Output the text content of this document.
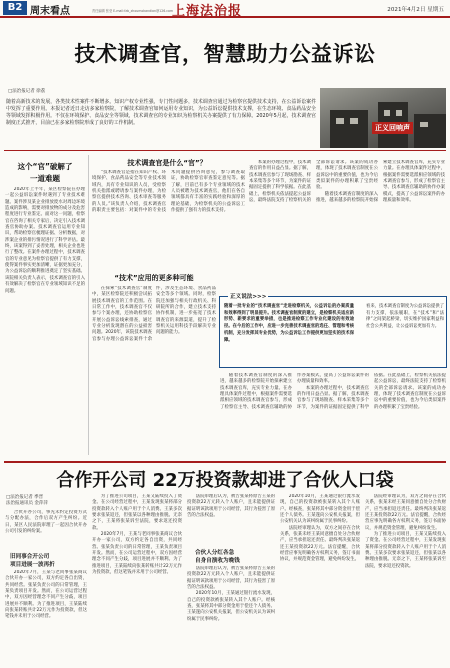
B2 周末看点	责任编辑 张莹 E-mail:fzb_zhoumokandian@126.com
上海法治报	2021年4月2日 星期五
技术调查官，智慧助力公益诉讼
□法治报记者 徐荔
随着高新技术的发展，各类技术性案件不断增多。知识产权专业性强，专门性问题多，技术调查官通过为检察官提供技术支持，在公益诉讼案件中发挥了重要作用。本报记者近日走访多家检察院，了解技术调查官如何运用专业知识，为公益诉讼提供技术支撑，在生态环境、食品药品安全等领域发挥积极作用。不仅在环境保护、食品安全等领域，技术调查官的专业知识为检察机关办案提供了有力保障。2020年5月起，技术调查官制度正式推开，目前已在多家检察院形成了良好的工作机制。
正义回响声
这个“官”破解了
一道难题

2020年上半年，某区检察院在办理一起公益诉讼案件时遇到了专业技术难题。案件涉及某企业排放废水对周边环境造成的影响，需要对排放物的成分及危害程度进行专业鉴定。面对这一问题，检察官在咨询了相关专家后，决定引入技术调查官协助办案。技术调查官运用专业知识，帮助检察官梳理证据、分析数据，对涉案企业的排污情况进行了科学评估。最终，该案得到了妥善处理，相关企业也进行了整改。在案件办理过程中，技术调查官的专业意见为检察官提供了有力支撑，使得案件事实更加清晰，证据更加充分，为公益诉讼的顺利推进奠定了坚实基础。该院相关负责人表示，技术调查官的引入有效解决了检察官在专业领域知识不足的问题。

技术调查官是什么“官”？

“技术调查官是指在知识产权、环境保护、食品药品安全等专业技术领域内，具有专业知识的人员，受检察机关指派或聘请参与案件办理，为检察官提供技术咨询、技术审查等服务的人员。”该负责人介绍，技术调查官的职责主要包括：对案件中的专业技术问题提供咨询意见，参与调查取证，协助检察官审查鉴定意见等。据了解，目前已有多个专业领域的技术人员被聘为技术调查官，他们在各自领域都具有丰富的实践经验和深厚的理论基础，为检察机关的公益诉讼工作提供了强有力的技术支持。

本案的办理过程中，技术调查官的作用日益凸显。据了解，技术调查官参与了现场勘查、样本采集等多个环节，为案件的证据固定提供了科学依据。在此基础上，检察机关依法提起公益诉讼，最终法院支持了检察机关的全部诉讼请求。该案的成功办理，体现了技术调查官制度在公益诉讼中的重要价值，也为今后类似案件的办理积累了宝贵经验。

随着技术调查官制度的深入推进，越来越多的检察院开始探索建立技术调查官库，充实专业力量。在办理具体案件过程中，根据案件需要选派相应领域的技术调查官参与，形成了检察官主导、技术调查官辅助的协作办案模式，提高了公益诉讼案件的办理质量和效率。

“技术”应用的更多种可能

在探索“技术调查官”制度中，某区检察院还积极尝试拓展技术调查官的工作范围。在日常工作中，技术调查官不仅参与个案办理，还协助检察官开展公益诉讼线索排查，通过专业分析发现潜在的公益损害问题。2020年，该院技术调查官参与办理公益诉讼案件十余件，涉及生态环境、食品药品安全等多个领域。同时，检察院还加强与相关行政机关、科研院所的合作，建立技术支持协作机制，进一步拓宽了技术调查官的来源渠道，提升了检察机关运用科技手段解决专业问题的能力。

随着一批专业的“技术调查官”走进检察机关，公益诉讼的办案质量和效率得到了明显提升。技术调查官制度的建立，是检察机关适应新形势、新要求的重要举措，也是推进检察工作专业化建设的有效途径。在今后的工作中，应进一步完善技术调查官的选任、管理和考核机制，充分发挥其专业优势，为公益诉讼工作提供更加坚实的技术保障。
看来，技术调查官制度为公益诉讼提供了有力支撑，依法履职，在“技术”和“法律”之间架起桥梁，切实维护国家利益和社会公共利益，让公益诉讼更加有力。
正义说法>>>

随着技术调查官制度的深入推进，越来越多的检察院开始探索建立技术调查官库，充实专业力量。在办理具体案件过程中，根据案件需要选派相应领域的技术调查官参与，形成了检察官主导、技术调查官辅助的协作办案模式，提高了公益诉讼案件的办理质量和效率。

本案的办理过程中，技术调查官的作用日益凸显。据了解，技术调查官参与了现场勘查、样本采集等多个环节，为案件的证据固定提供了科学依据。在此基础上，检察机关依法提起公益诉讼，最终法院支持了检察机关的全部诉讼请求。该案的成功办理，体现了技术调查官制度在公益诉讼中的重要价值，也为今后类似案件的办理积累了宝贵经验。

合作开公司 22万投资款却进了合伙人口袋
□法治报记者 季晋
法治报通讯员 金萍萍

合伙开办公司，事先未约定投资方式与分配办法，合作后双方产生纠纷。近日，某区人民法院审理了一起因合伙开办公司引发的纠纷案。

旧同事合开公司
项目进展一波再折

2020年7月，王某与老同事张某商议合伙开办一家公司，双方约定各自出资，共同经营。张某负责公司的日常管理，王某负责项目开发。然而，在公司运营过程中，双方因经营理念不同产生分歧，项目进展并不顺利。为了推进项目，王某陆续向张某转账共计22万元作为投资款，但这笔钱并未用于公司经营。

为了推进公司项目，王某又陆续投入了资金。在公司经营过程中，王某发现张某将部分投资款转入个人账户用于个人消费。王某多次要求张某返还，但张某以各种理由推脱。无奈之下，王某将张某诉至法院，要求返还投资款。

2020年7月，王某与老同事张某商议合伙开办一家公司，双方约定各自出资，共同经营。张某负责公司的日常管理，王某负责项目开发。然而，在公司运营过程中，双方因经营理念不同产生分歧，项目进展并不顺利。为了推进项目，王某陆续向张某转账共计22万元作为投资款，但这笔钱并未用于公司经营。

法院审理后认为，被告张某将原告王某的投资款22万元转入个人账户，且未能提供证据证明该款项用于公司经营，其行为侵害了原告的合法权益。

合伙人分红各急
自身自演收为晚钱

法院审理后认为，被告张某将原告王某的投资款22万元转入个人账户，且未能提供证据证明该款项用于公司经营，其行为侵害了原告的合法权益。

2020年10月，王某通过银行流水发现，自己的投资款被张某转入其个人账户。经核查，张某将其中部分资金用于偿还个人债务。王某遂向公安机关报案，但公安机关认为该纠纷属于民事纠纷。

2020年10月，王某通过银行流水发现，自己的投资款被张某转入其个人账户。经核查，张某将其中部分资金用于偿还个人债务。王某遂向公安机关报案，但公安机关认为该纠纷属于民事纠纷。

法院经审理认为，双方之间存在合伙关系，张某未经王某同意擅自处分合伙财产，应当承担返还责任。最终判决张某返还王某投资款22万元。法官提醒，合伙经营应事先明确各方权利义务，签订书面协议，并规范资金管理，避免纠纷发生。

法院经审理认为，双方之间存在合伙关系，张某未经王某同意擅自处分合伙财产，应当承担返还责任。最终判决张某返还王某投资款22万元。法官提醒，合伙经营应事先明确各方权利义务，签订书面协议，并规范资金管理，避免纠纷发生。

为了推进公司项目，王某又陆续投入了资金。在公司经营过程中，王某发现张某将部分投资款转入个人账户用于个人消费。王某多次要求张某返还，但张某以各种理由推脱。无奈之下，王某将张某诉至法院，要求返还投资款。
